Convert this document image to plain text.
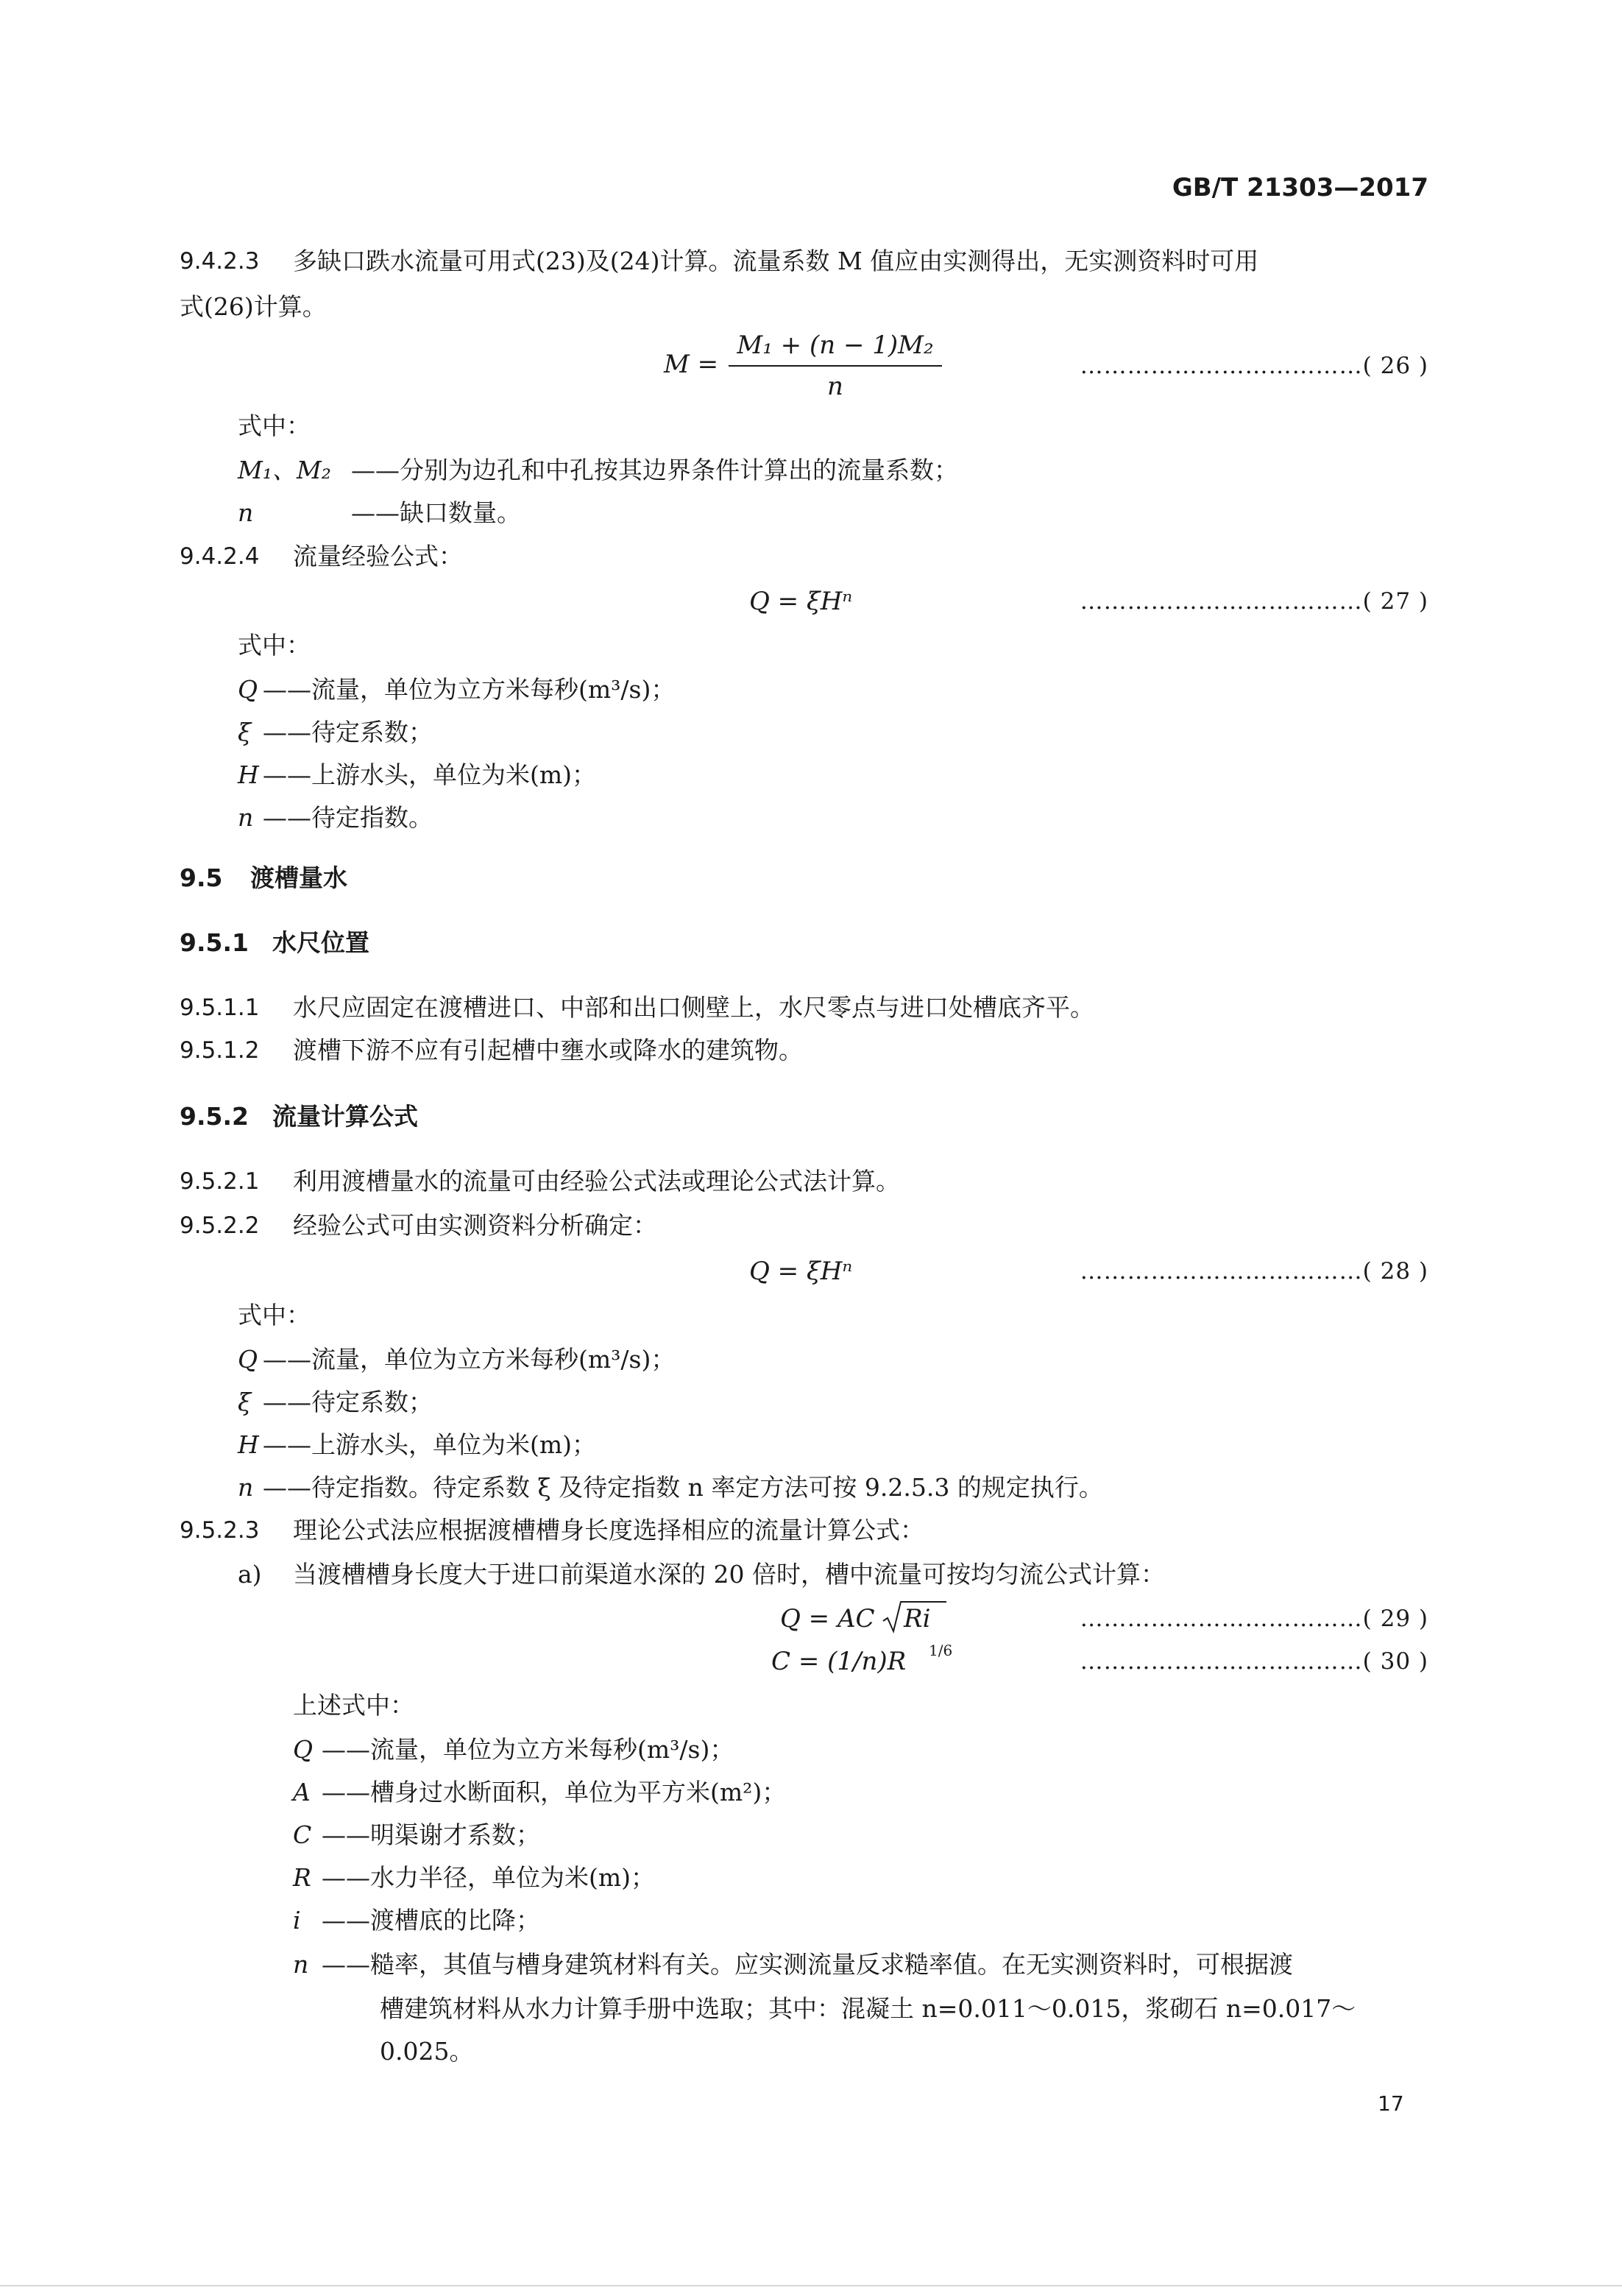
GB/T 21303—2017
9.4.2.3 多缺口跌水流量可用式(23)及(24)计算。流量系数 M 值应由实测得出，无实测资料时可用
式(26)计算。
M =
M₁ + (n − 1)M₂
n
………………………………( 26 )
式中：
M₁、M₂ ——分别为边孔和中孔按其边界条件计算出的流量系数；
n	——缺口数量。
9.4.2.4 流量经验公式：
Q = ξHⁿ	………………………………( 27 )
式中：
Q ——流量，单位为立方米每秒(m³/s)；
ξ ——待定系数；
H ——上游水头，单位为米(m)；
n ——待定指数。
9.5 渡槽量水
9.5.1 水尺位置
9.5.1.1 水尺应固定在渡槽进口、中部和出口侧壁上，水尺零点与进口处槽底齐平。
9.5.1.2 渡槽下游不应有引起槽中壅水或降水的建筑物。
9.5.2 流量计算公式
9.5.2.1 利用渡槽量水的流量可由经验公式法或理论公式法计算。
9.5.2.2 经验公式可由实测资料分析确定：
Q = ξHⁿ	………………………………( 28 )
式中：
Q ——流量，单位为立方米每秒(m³/s)；
ξ ——待定系数；
H ——上游水头，单位为米(m)；
n ——待定指数。待定系数 ξ 及待定指数 n 率定方法可按 9.2.5.3 的规定执行。
9.5.2.3 理论公式法应根据渡槽槽身长度选择相应的流量计算公式：
a) 当渡槽槽身长度大于进口前渠道水深的 20 倍时，槽中流量可按均匀流公式计算：
Q = AC Ri	………………………………( 29 )
C = (1/n)R 1/6	………………………………( 30 )
上述式中：
Q ——流量，单位为立方米每秒(m³/s)；
A ——槽身过水断面积，单位为平方米(m²)；
C ——明渠谢才系数；
R ——水力半径，单位为米(m)；
i ——渡槽底的比降；
n ——糙率，其值与槽身建筑材料有关。应实测流量反求糙率值。在无实测资料时，可根据渡
槽建筑材料从水力计算手册中选取；其中：混凝土 n=0.011～0.015，浆砌石 n=0.017～
0.025。
17
